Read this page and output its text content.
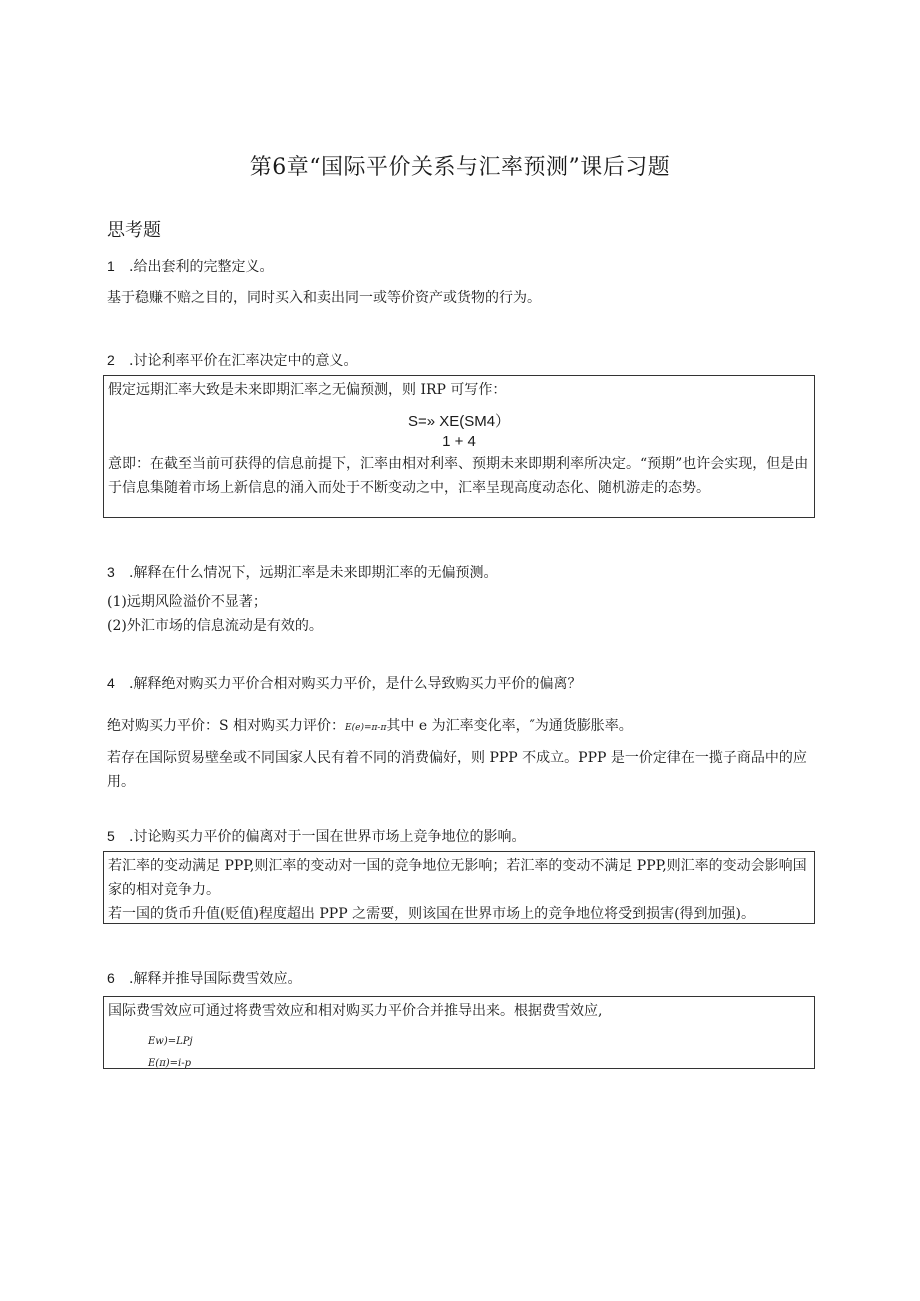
第6章“国际平价关系与汇率预测”课后习题
思考题
1 .给出套利的完整定义。
基于稳赚不赔之目的，同时买入和卖出同一或等价资产或货物的行为。
2 .讨论利率平价在汇率决定中的意义。
假定远期汇率大致是未来即期汇率之无偏预测，则 IRP 可写作：
S=» XE(SM4）
1 + 4
意即：在截至当前可获得的信息前提下，汇率由相对利率、预期未来即期利率所决定。“预期”也许会实现，但是由于信息集随着市场上新信息的涌入而处于不断变动之中，汇率呈现高度动态化、随机游走的态势。
3 .解释在什么情况下，远期汇率是未来即期汇率的无偏预测。
(1)远期风险溢价不显著；
(2)外汇市场的信息流动是有效的。
4 .解释绝对购买力平价合相对购买力平价，是什么导致购买力平价的偏离？
绝对购买力平价：S 相对购买力评价：E(e)=π-π其中 e 为汇率变化率，″为通货膨胀率。
若存在国际贸易壁垒或不同国家人民有着不同的消费偏好，则 PPP 不成立。PPP 是一价定律在一揽子商品中的应用。
5 .讨论购买力平价的偏离对于一国在世界市场上竞争地位的影响。
若汇率的变动满足 PPP,则汇率的变动对一国的竞争地位无影响；若汇率的变动不满足 PPP,则汇率的变动会影响国家的相对竞争力。
若一国的货币升值(贬值)程度超出 PPP 之需要，则该国在世界市场上的竞争地位将受到损害(得到加强)。
6 .解释并推导国际费雪效应。
国际费雪效应可通过将费雪效应和相对购买力平价合并推导出来。根据费雪效应,
Ew)=LPj
E(π)=i-p
